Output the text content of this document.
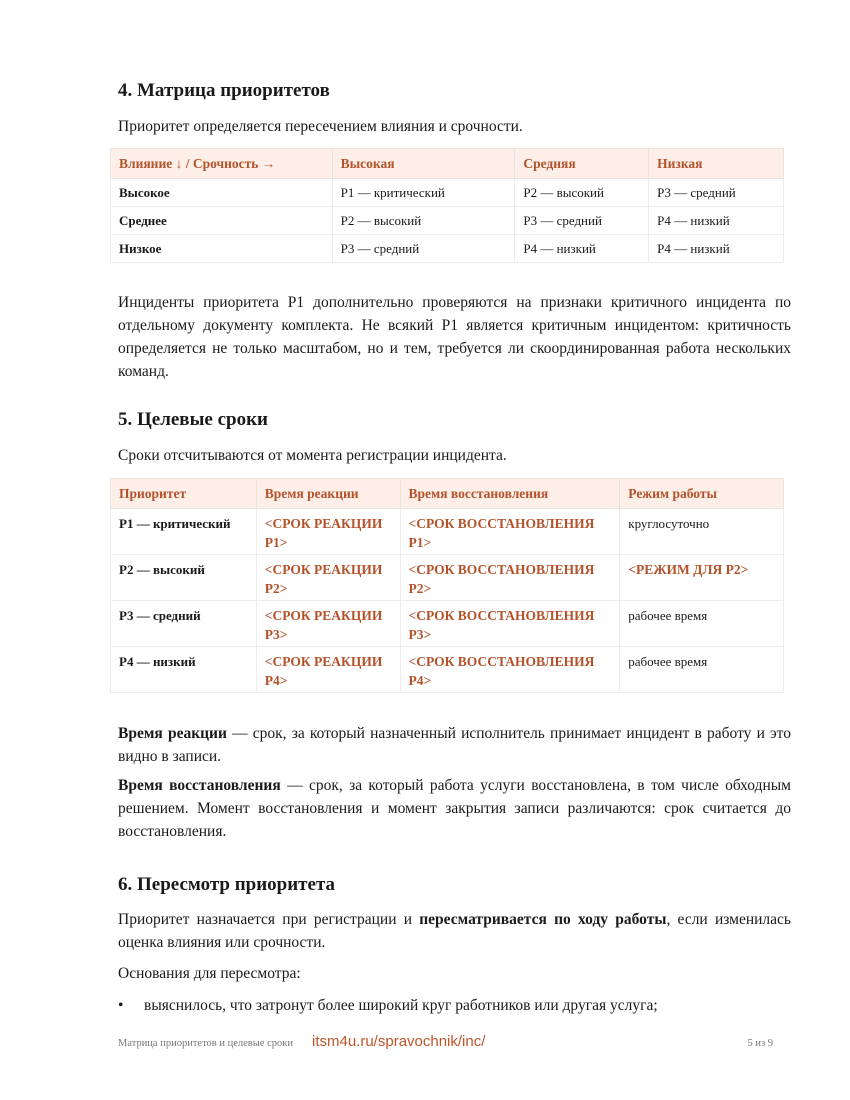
4. Матрица приоритетов

Приоритет определяется пересечением влияния и срочности.

Влияние ↓ / Срочность →	Высокая	Средняя	Низкая
Высокое	P1 — критический	P2 — высокий	P3 — средний
Среднее	P2 — высокий	P3 — средний	P4 — низкий
Низкое	P3 — средний	P4 — низкий	P4 — низкий

Инциденты приоритета P1 дополнительно проверяются на признаки критичного инцидента по отдельному документу комплекта. Не всякий P1 является критичным инцидентом: критичность определяется не только масштабом, но и тем, требуется ли скоординированная работа нескольких команд.

5. Целевые сроки

Сроки отсчитываются от момента регистрации инцидента.

Приоритет	Время реакции	Время восстановления	Режим работы
P1 — критический	<СРОК РЕАКЦИИ P1>	<СРОК ВОССТАНОВЛЕНИЯ P1>	круглосуточно
P2 — высокий	<СРОК РЕАКЦИИ P2>	<СРОК ВОССТАНОВЛЕНИЯ P2>	<РЕЖИМ ДЛЯ P2>
P3 — средний	<СРОК РЕАКЦИИ P3>	<СРОК ВОССТАНОВЛЕНИЯ P3>	рабочее время
P4 — низкий	<СРОК РЕАКЦИИ P4>	<СРОК ВОССТАНОВЛЕНИЯ P4>	рабочее время

Время реакции — срок, за который назначенный исполнитель принимает инцидент в работу и это видно в записи.

Время восстановления — срок, за который работа услуги восстановлена, в том числе обходным решением. Момент восстановления и момент закрытия записи различаются: срок считается до восстановления.

6. Пересмотр приоритета

Приоритет назначается при регистрации и пересматривается по ходу работы, если изменилась оценка влияния или срочности.

Основания для пересмотра:

• выяснилось, что затронут более широкий круг работников или другая услуга;
Матрица приоритетов и целевые сроки itsm4u.ru/spravochnik/inc/	5 из 9
